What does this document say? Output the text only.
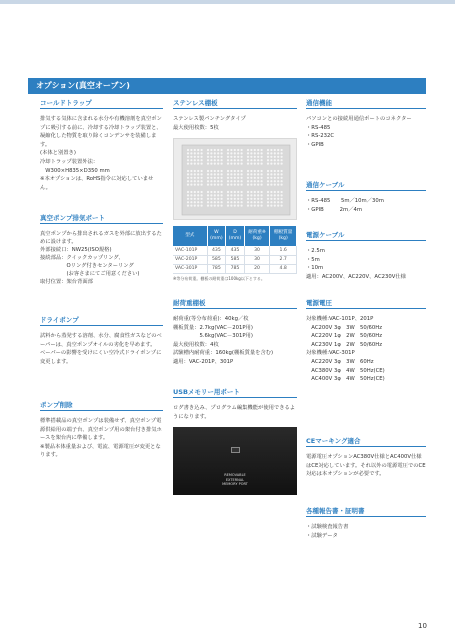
オプション(真空オーブン)
コールドトラップ
排気する気体に含まれる水分や有機溶剤を真空ポンプに吸引する前に、冷却する冷却トラップ装置と、凝縮化した物質を取り除くコンデンサを装備します。
(本体と別置き)
冷却トラップ装置外法：
　W300×H835×D350 mm
※本オプションは、RoHS指令に対応していません。
真空ポンプ排気ポート
真空ポンプから排出されるガスを外部に放出するために設けます。
外部接続口：NW25(ISO規格)
接続部品：クイックカップリング、
　　　　　Oリング付きセンターリング
　　　　　(お客さまにてご用意ください)
取付位置：架台背面部
ドライポンプ
試料から蒸発する溶剤、水分、腐食性ガスなどのベーパーは、真空ポンプオイルの劣化を早めます。
ベーパーの影響を受けにくい空冷式ドライポンプに変更します。
ポンプ削除
標準搭載品の真空ポンプは装備せず、真空ポンプ電源供給用の端子台、真空ポンプ用の架台付き排気ホースを架台内に準備します。
※製品本体重量および、電流、電源電圧が変更となります。
ステンレス棚板
ステンレス製パンチングタイプ
最大使用枚数：5枚
型式	W
(mm)	D
(mm)	耐荷重※
(kg)	棚板質量
(kg)
VAC-101P	435	435	30	1.6
VAC-201P	585	585	30	2.7
VAC-301P	785	785	20	4.8
※等分布荷重。棚板の耐荷重は100kg以下とする。
耐荷重棚板
耐荷重(等分布荷重)：40kg／枚
棚板質量：2.7kg(VAC－201P用)
　　　　　5.6kg(VAC－301P用)
最大使用枚数：4枚
試験槽内耐荷重：160kg(棚板質量を含む)
適用：VAC-201P、301P
USBメモリー用ポート
ログ書き込み、プログラム編集機能が使用できるようになります。
REMOVABLE
EXTERNAL
MEMORY PORT
通信機能
パソコンとの接続用通信ポートのコネクター
・RS-485
・RS-232C
・GPIB
通信ケーブル
・RS-485　　5m／10m／30m
・GPIB　　　2m／4m
電源ケーブル
・2.5m
・5m
・10m
適用：AC200V、AC220V、AC230V仕様
電源電圧
対象機種:VAC-101P、201P
　AC200V 3φ　3W　50/60Hz
　AC220V 1φ　2W　50/60Hz
　AC230V 1φ　2W　50/60Hz
対象機種:VAC-301P
　AC220V 3φ　3W　60Hz
　AC380V 3φ　4W　50Hz(CE)
　AC400V 3φ　4W　50Hz(CE)
CEマーキング適合
電源電圧オプションAC380V仕様とAC400V仕様はCE対応しています。それ以外の電源電圧でのCE対応は本オプションが必要です。
各種報告書・証明書
・試験検査報告書
・試験データ
10
